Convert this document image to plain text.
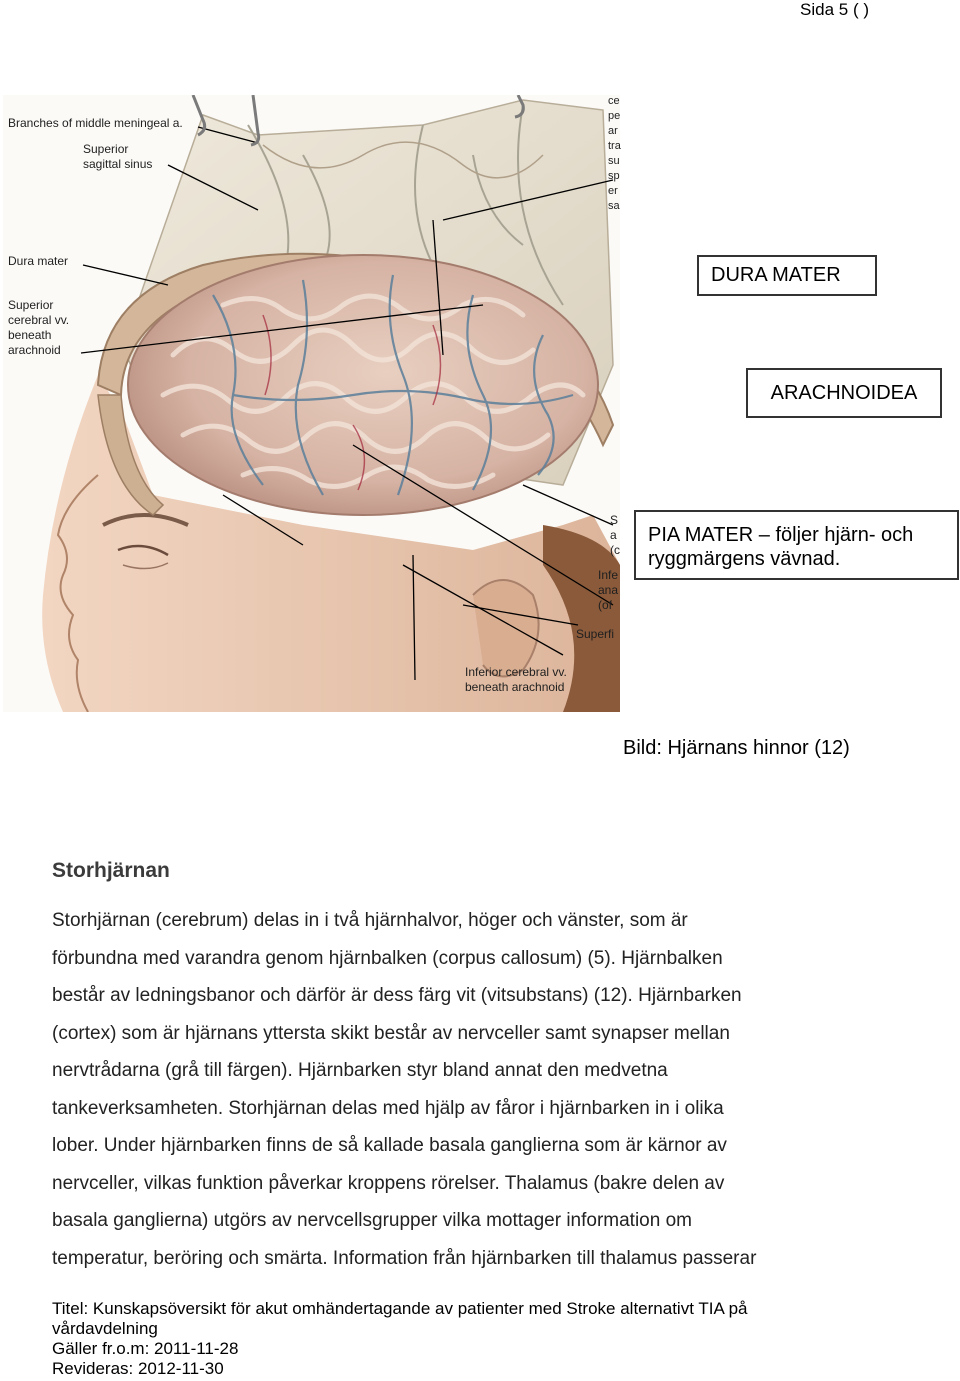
Sida 5 ( )
Branches of middle meningeal a.
Superior
sagittal sinus
Dura mater
Superior
cerebral vv.
beneath
arachnoid
ce
pe
ar
tra
su
sp
er
sa
S
a
(c
Infe
ana
(of
Superfi
Inferior cerebral vv.
beneath arachnoid
DURA MATER
ARACHNOIDEA
PIA MATER – följer hjärn- och
ryggmärgens vävnad.
Bild: Hjärnans hinnor (12)
Storhjärnan
Storhjärnan (cerebrum) delas in i två hjärnhalvor, höger och vänster, som är
förbundna med varandra genom hjärnbalken (corpus callosum) (5). Hjärnbalken
består av ledningsbanor och därför är dess färg vit (vitsubstans) (12). Hjärnbarken
(cortex) som är hjärnans yttersta skikt består av nervceller samt synapser mellan
nervtrådarna (grå till färgen). Hjärnbarken styr bland annat den medvetna
tankeverksamheten. Storhjärnan delas med hjälp av fåror i hjärnbarken in i olika
lober. Under hjärnbarken finns de så kallade basala ganglierna som är kärnor av
nervceller, vilkas funktion påverkar kroppens rörelser. Thalamus (bakre delen av
basala ganglierna) utgörs av nervcellsgrupper vilka mottager information om
temperatur, beröring och smärta. Information från hjärnbarken till thalamus passerar
Titel: Kunskapsöversikt för akut omhändertagande av patienter med Stroke alternativt TIA på
vårdavdelning
Gäller fr.o.m: 2011-11-28
Revideras: 2012-11-30
